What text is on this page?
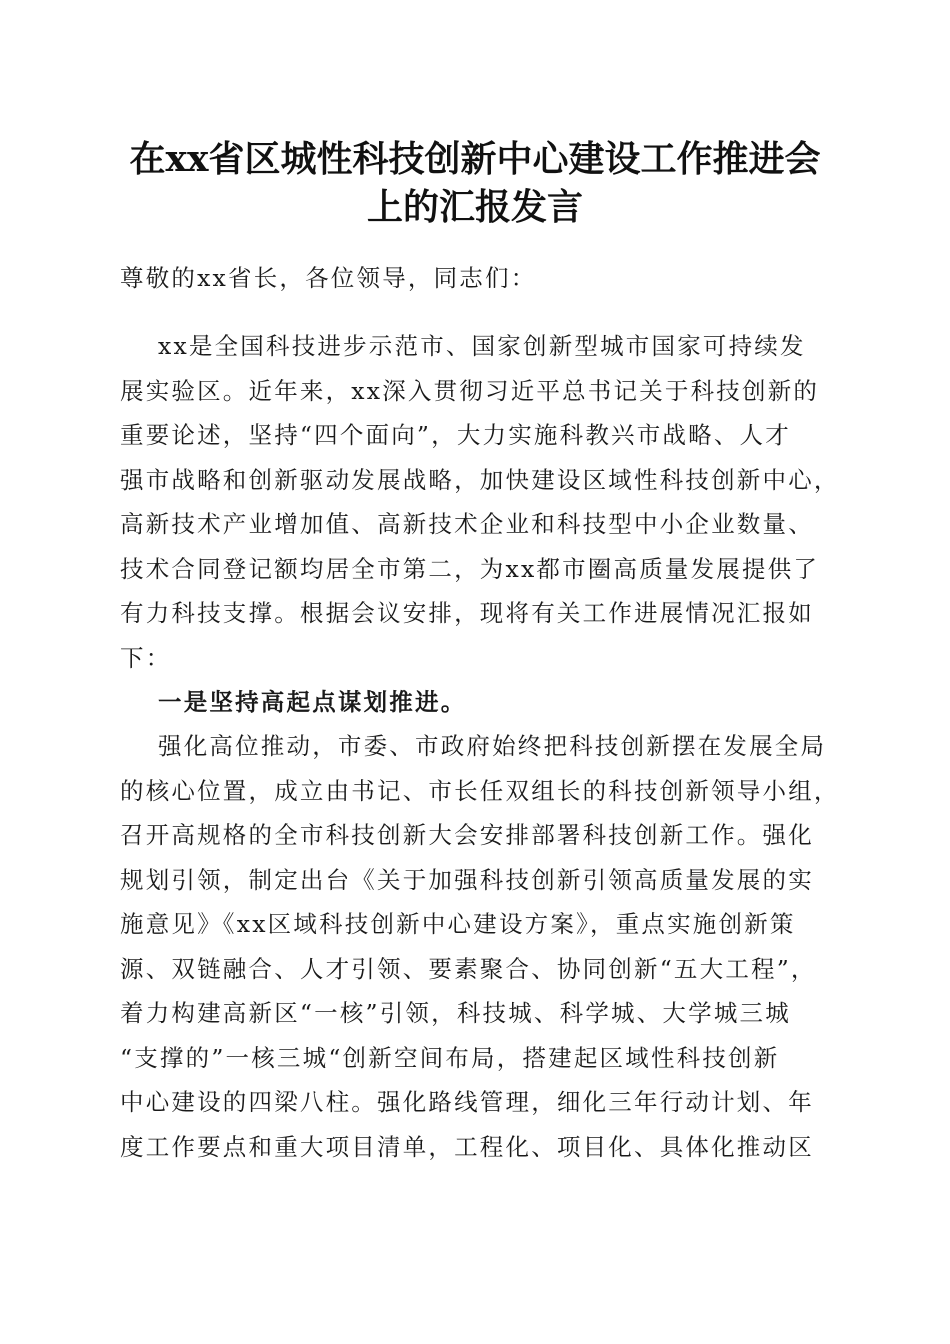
在xx省区城性科技创新中心建设工作推进会
上的汇报发言

尊敬的xx省长，各位领导，同志们：

xx是全国科技进步示范市、国家创新型城市国家可持续发
展实验区。近年来，xx深入贯彻习近平总书记关于科技创新的
重要论述，坚持“四个面向”，大力实施科教兴市战略、人才
强市战略和创新驱动发展战略，加快建设区域性科技创新中心，
高新技术产业增加值、高新技术企业和科技型中小企业数量、
技术合同登记额均居全市第二，为xx都市圈高质量发展提供了
有力科技支撑。根据会议安排，现将有关工作进展情况汇报如
下：
一是坚持高起点谋划推进。
强化高位推动，市委、市政府始终把科技创新摆在发展全局
的核心位置，成立由书记、市长任双组长的科技创新领导小组，
召开高规格的全市科技创新大会安排部署科技创新工作。强化
规划引领，制定出台《关于加强科技创新引领高质量发展的实
施意见》《xx区域科技创新中心建设方案》，重点实施创新策
源、双链融合、人才引领、要素聚合、协同创新“五大工程”，
着力构建高新区“一核”引领，科技城、科学城、大学城三城
“支撑的”一核三城“创新空间布局，搭建起区域性科技创新
中心建设的四梁八柱。强化路线管理，细化三年行动计划、年
度工作要点和重大项目清单，工程化、项目化、具体化推动区
